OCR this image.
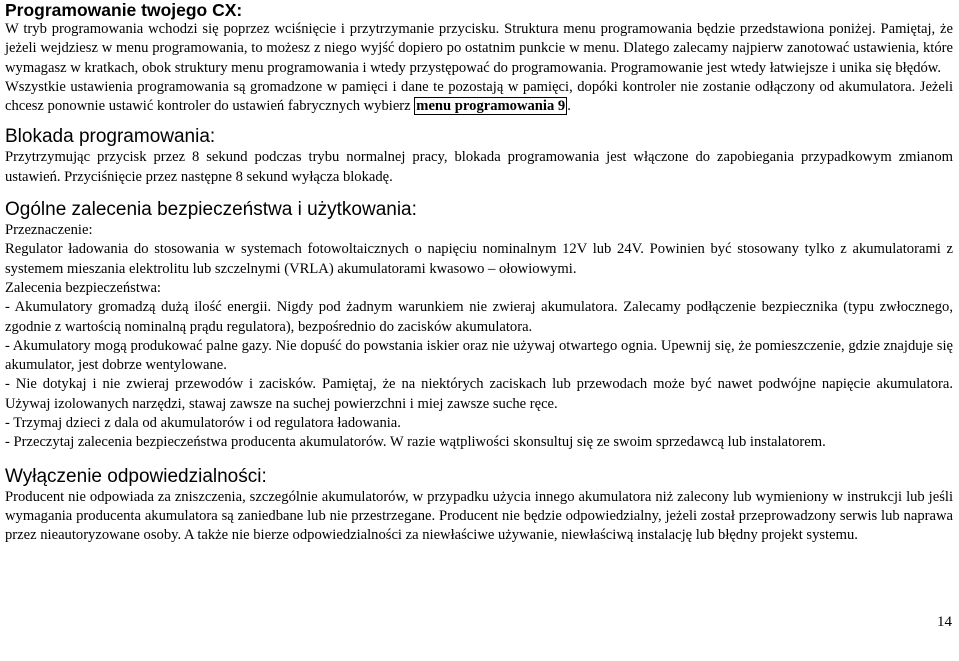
Programowanie twojego CX:

W tryb programowania wchodzi się poprzez wciśnięcie i przytrzymanie przycisku. Struktura menu programowania będzie przedstawiona poniżej. Pamiętaj, że jeżeli wejdziesz w menu programowania, to możesz z niego wyjść dopiero po ostatnim punkcie w menu. Dlatego zalecamy najpierw zanotować ustawienia, które wymagasz w kratkach, obok struktury menu programowania i wtedy przystępować do programowania. Programowanie jest wtedy łatwiejsze i unika się błędów.

Wszystkie ustawienia programowania są gromadzone w pamięci i dane te pozostają w pamięci, dopóki kontroler nie zostanie odłączony od akumulatora. Jeżeli chcesz ponownie ustawić kontroler do ustawień fabrycznych wybierz menu programowania 9 .

Blokada programowania:

Przytrzymując przycisk przez 8 sekund podczas trybu normalnej pracy, blokada programowania jest włączone do zapobiegania przypadkowym zmianom ustawień. Przyciśnięcie przez następne 8 sekund wyłącza blokadę.

Ogólne zalecenia bezpieczeństwa i użytkowania:

Przeznaczenie:

Regulator ładowania do stosowania w systemach fotowoltaicznych o napięciu nominalnym 12V lub 24V. Powinien być stosowany tylko z akumulatorami z systemem mieszania elektrolitu lub szczelnymi (VRLA) akumulatorami kwasowo – ołowiowymi.

Zalecenia bezpieczeństwa:

- Akumulatory gromadzą dużą ilość energii. Nigdy pod żadnym warunkiem nie zwieraj akumulatora. Zalecamy podłączenie bezpiecznika (typu zwłocznego, zgodnie z wartością nominalną prądu regulatora), bezpośrednio do zacisków akumulatora.

- Akumulatory mogą produkować palne gazy. Nie dopuść do powstania iskier oraz nie używaj otwartego ognia. Upewnij się, że pomieszczenie, gdzie znajduje się akumulator, jest dobrze wentylowane.

- Nie dotykaj i nie zwieraj przewodów i zacisków. Pamiętaj, że na niektórych zaciskach lub przewodach może być nawet podwójne napięcie akumulatora. Używaj izolowanych narzędzi, stawaj zawsze na suchej powierzchni i miej zawsze suche ręce.

- Trzymaj dzieci z dala od akumulatorów i od regulatora ładowania.

- Przeczytaj zalecenia bezpieczeństwa producenta akumulatorów. W razie wątpliwości skonsultuj się ze swoim sprzedawcą lub instalatorem.

Wyłączenie odpowiedzialności:

Producent nie odpowiada za zniszczenia, szczególnie akumulatorów, w przypadku użycia innego akumulatora niż zalecony lub wymieniony w instrukcji lub jeśli wymagania producenta akumulatora są zaniedbane lub nie przestrzegane. Producent nie będzie odpowiedzialny, jeżeli został przeprowadzony serwis lub naprawa przez nieautoryzowane osoby. A także nie bierze odpowiedzialności za niewłaściwe używanie, niewłaściwą instalację lub błędny projekt systemu.

14
